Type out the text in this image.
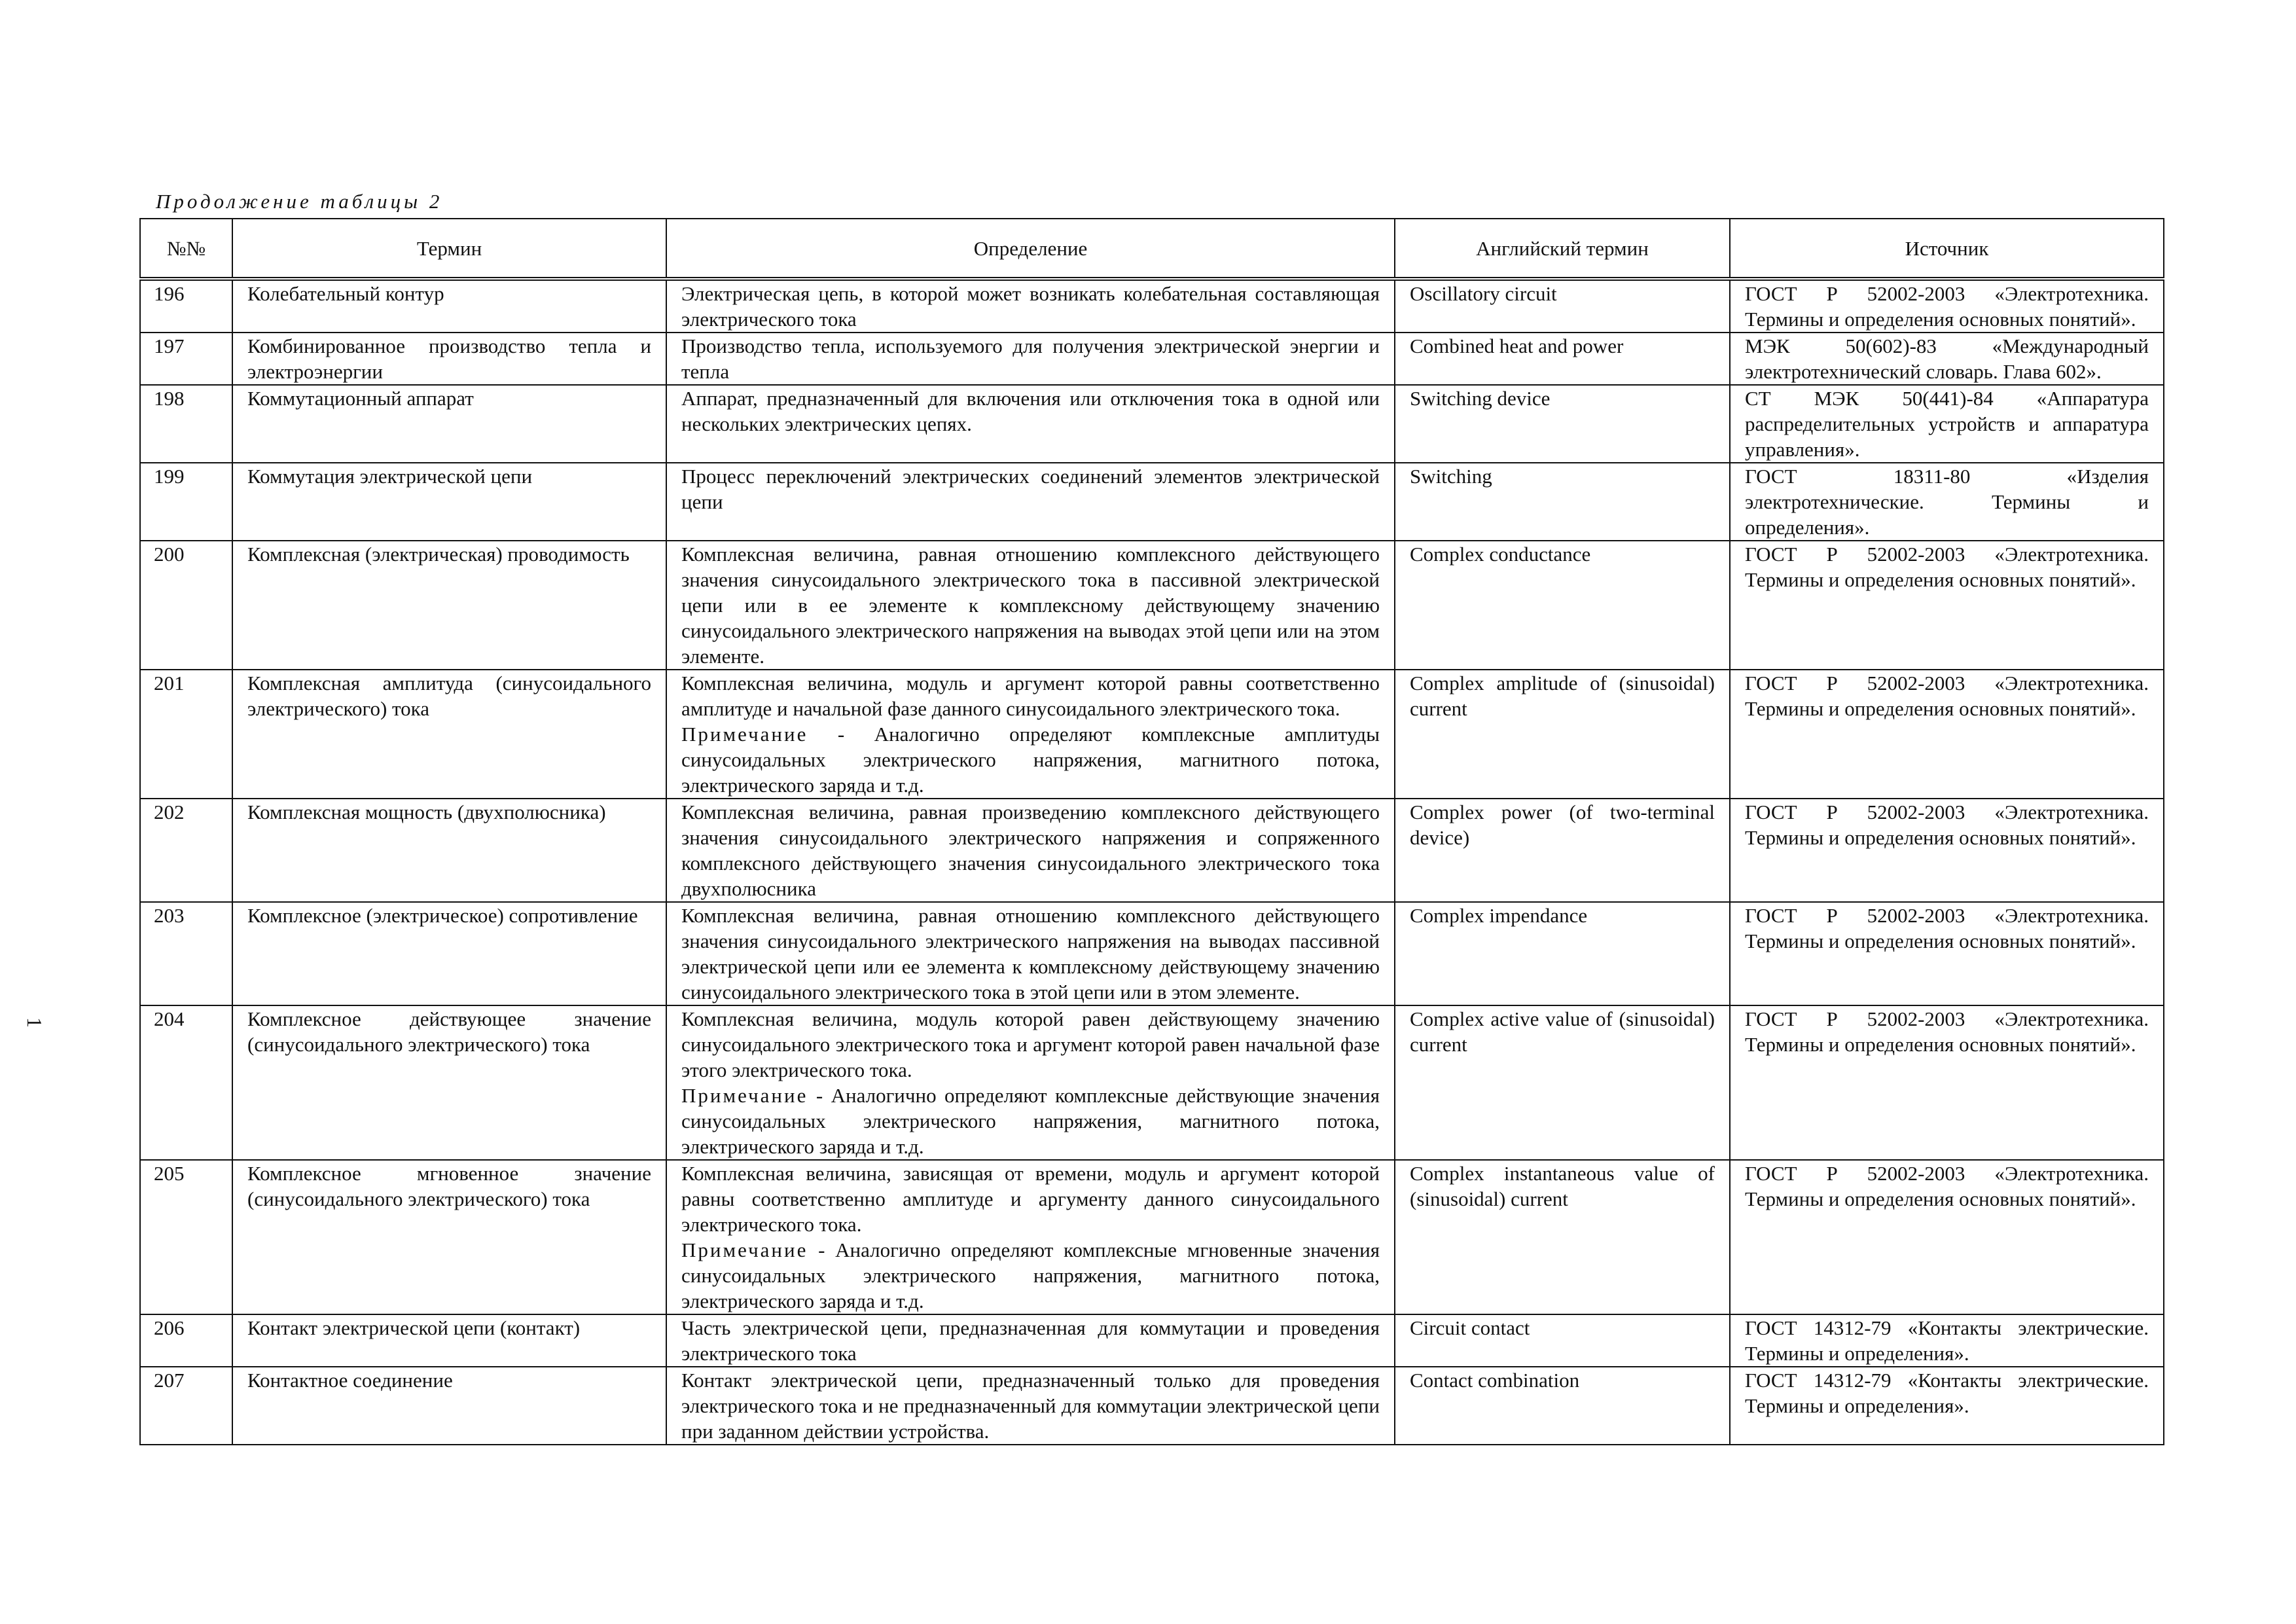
Продолжение таблицы 2
1
№№	Термин	Определение	Английский термин	Источник
196	Колебательный контур	Электрическая цепь, в которой может возникать колебательная составляющая электрического тока	Oscillatory circuit	ГОСТ Р 52002-2003 «Электротехника. Термины и определения основных понятий».
197	Комбинированное производство тепла и электроэнергии	Производство тепла, используемого для получения электрической энергии и тепла	Combined heat and power	МЭК 50(602)-83 «Международный электротехнический словарь. Глава 602».
198	Коммутационный аппарат	Аппарат, предназначенный для включения или отключения тока в одной или нескольких электрических цепях.	Switching device	СТ МЭК 50(441)-84 «Аппаратура распределительных устройств и аппаратура управления».
199	Коммутация электрической цепи	Процесс переключений электрических соединений элементов электрической цепи	Switching	ГОСТ 18311-80 «Изделия электротехнические. Термины и определения».
200	Комплексная (электрическая) проводимость	Комплексная величина, равная отношению комплексного действующего значения синусоидального электрического тока в пассивной электрической цепи или в ее элементе к комплексному действующему значению синусоидального электрического напряжения на выводах этой цепи или на этом элементе.	Complex conductance	ГОСТ Р 52002-2003 «Электротехника. Термины и определения основных понятий».
201	Комплексная амплитуда (синусоидального электрического) тока	Комплексная величина, модуль и аргумент которой равны соответственно амплитуде и начальной фазе данного синусоидального электрического тока.
Примечание - Аналогично определяют комплексные амплитуды синусоидальных электрического напряжения, магнитного потока, электрического заряда и т.д.	Complex amplitude of (sinusoidal) current	ГОСТ Р 52002-2003 «Электротехника. Термины и определения основных понятий».
202	Комплексная мощность (двухполюсника)	Комплексная величина, равная произведению комплексного действующего значения синусоидального электрического напряжения и сопряженного комплексного действующего значения синусоидального электрического тока двухполюсника	Complex power (of two-terminal device)	ГОСТ Р 52002-2003 «Электротехника. Термины и определения основных понятий».
203	Комплексное (электрическое) сопротивление	Комплексная величина, равная отношению комплексного действующего значения синусоидального электрического напряжения на выводах пассивной электрической цепи или ее элемента к комплексному действующему значению синусоидального электрического тока в этой цепи или в этом элементе.	Complex impendance	ГОСТ Р 52002-2003 «Электротехника. Термины и определения основных понятий».
204	Комплексное действующее значение (синусоидального электрического) тока	Комплексная величина, модуль которой равен действующему значению синусоидального электрического тока и аргумент которой равен начальной фазе этого электрического тока.
Примечание - Аналогично определяют комплексные действующие значения синусоидальных электрического напряжения, магнитного потока, электрического заряда и т.д.	Complex active value of (sinusoidal) current	ГОСТ Р 52002-2003 «Электротехника. Термины и определения основных понятий».
205	Комплексное мгновенное значение (синусоидального электрического) тока	Комплексная величина, зависящая от времени, модуль и аргумент которой равны соответственно амплитуде и аргументу данного синусоидального электрического тока.
Примечание - Аналогично определяют комплексные мгновенные значения синусоидальных электрического напряжения, магнитного потока, электрического заряда и т.д.	Complex instantaneous value of (sinusoidal) current	ГОСТ Р 52002-2003 «Электротехника. Термины и определения основных понятий».
206	Контакт электрической цепи (контакт)	Часть электрической цепи, предназначенная для коммутации и проведения электрического тока	Circuit contact	ГОСТ 14312-79 «Контакты электрические. Термины и определения».
207	Контактное соединение	Контакт электрической цепи, предназначенный только для проведения электрического тока и не предназначенный для коммутации электрической цепи при заданном действии устройства.	Contact combination	ГОСТ 14312-79 «Контакты электрические. Термины и определения».
